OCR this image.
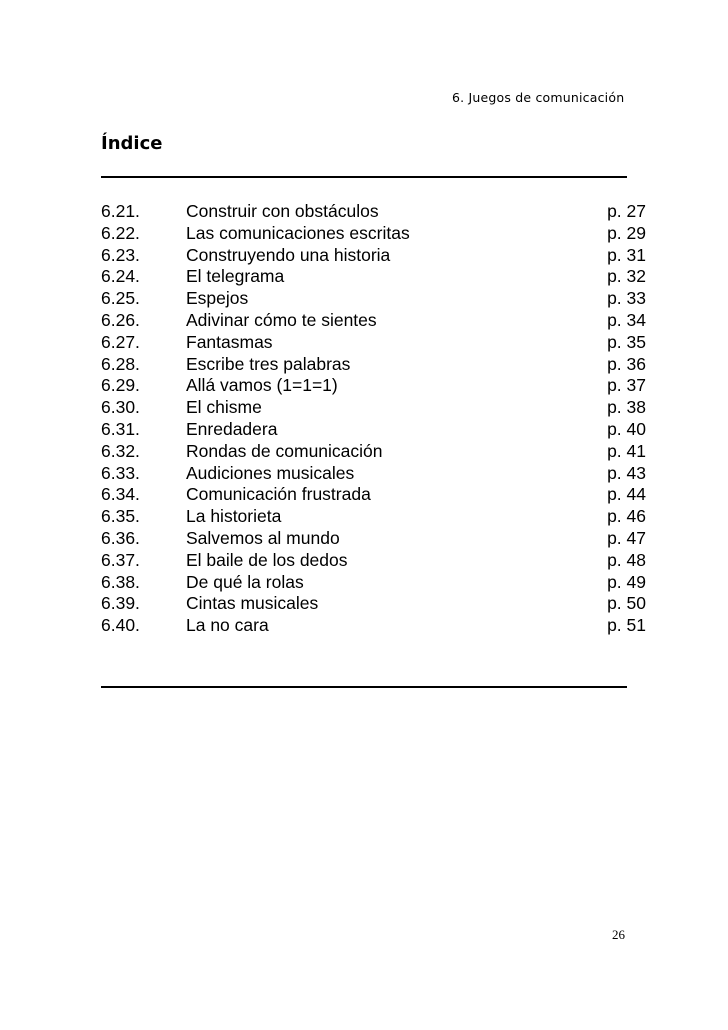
6. Juegos de comunicación
Índice
6.21.	Construir con obstáculos	p. 27
6.22.	Las comunicaciones escritas	p. 29
6.23.	Construyendo una historia	p. 31
6.24.	El telegrama	p. 32
6.25.	Espejos	p. 33
6.26.	Adivinar cómo te sientes	p. 34
6.27.	Fantasmas	p. 35
6.28.	Escribe tres palabras	p. 36
6.29.	Allá vamos (1=1=1)	p. 37
6.30.	El chisme	p. 38
6.31.	Enredadera	p. 40
6.32.	Rondas de comunicación	p. 41
6.33.	Audiciones musicales	p. 43
6.34.	Comunicación frustrada	p. 44
6.35.	La historieta	p. 46
6.36.	Salvemos al mundo	p. 47
6.37.	El baile de los dedos	p. 48
6.38.	De qué la rolas	p. 49
6.39.	Cintas musicales	p. 50
6.40.	La no cara	p. 51
26
